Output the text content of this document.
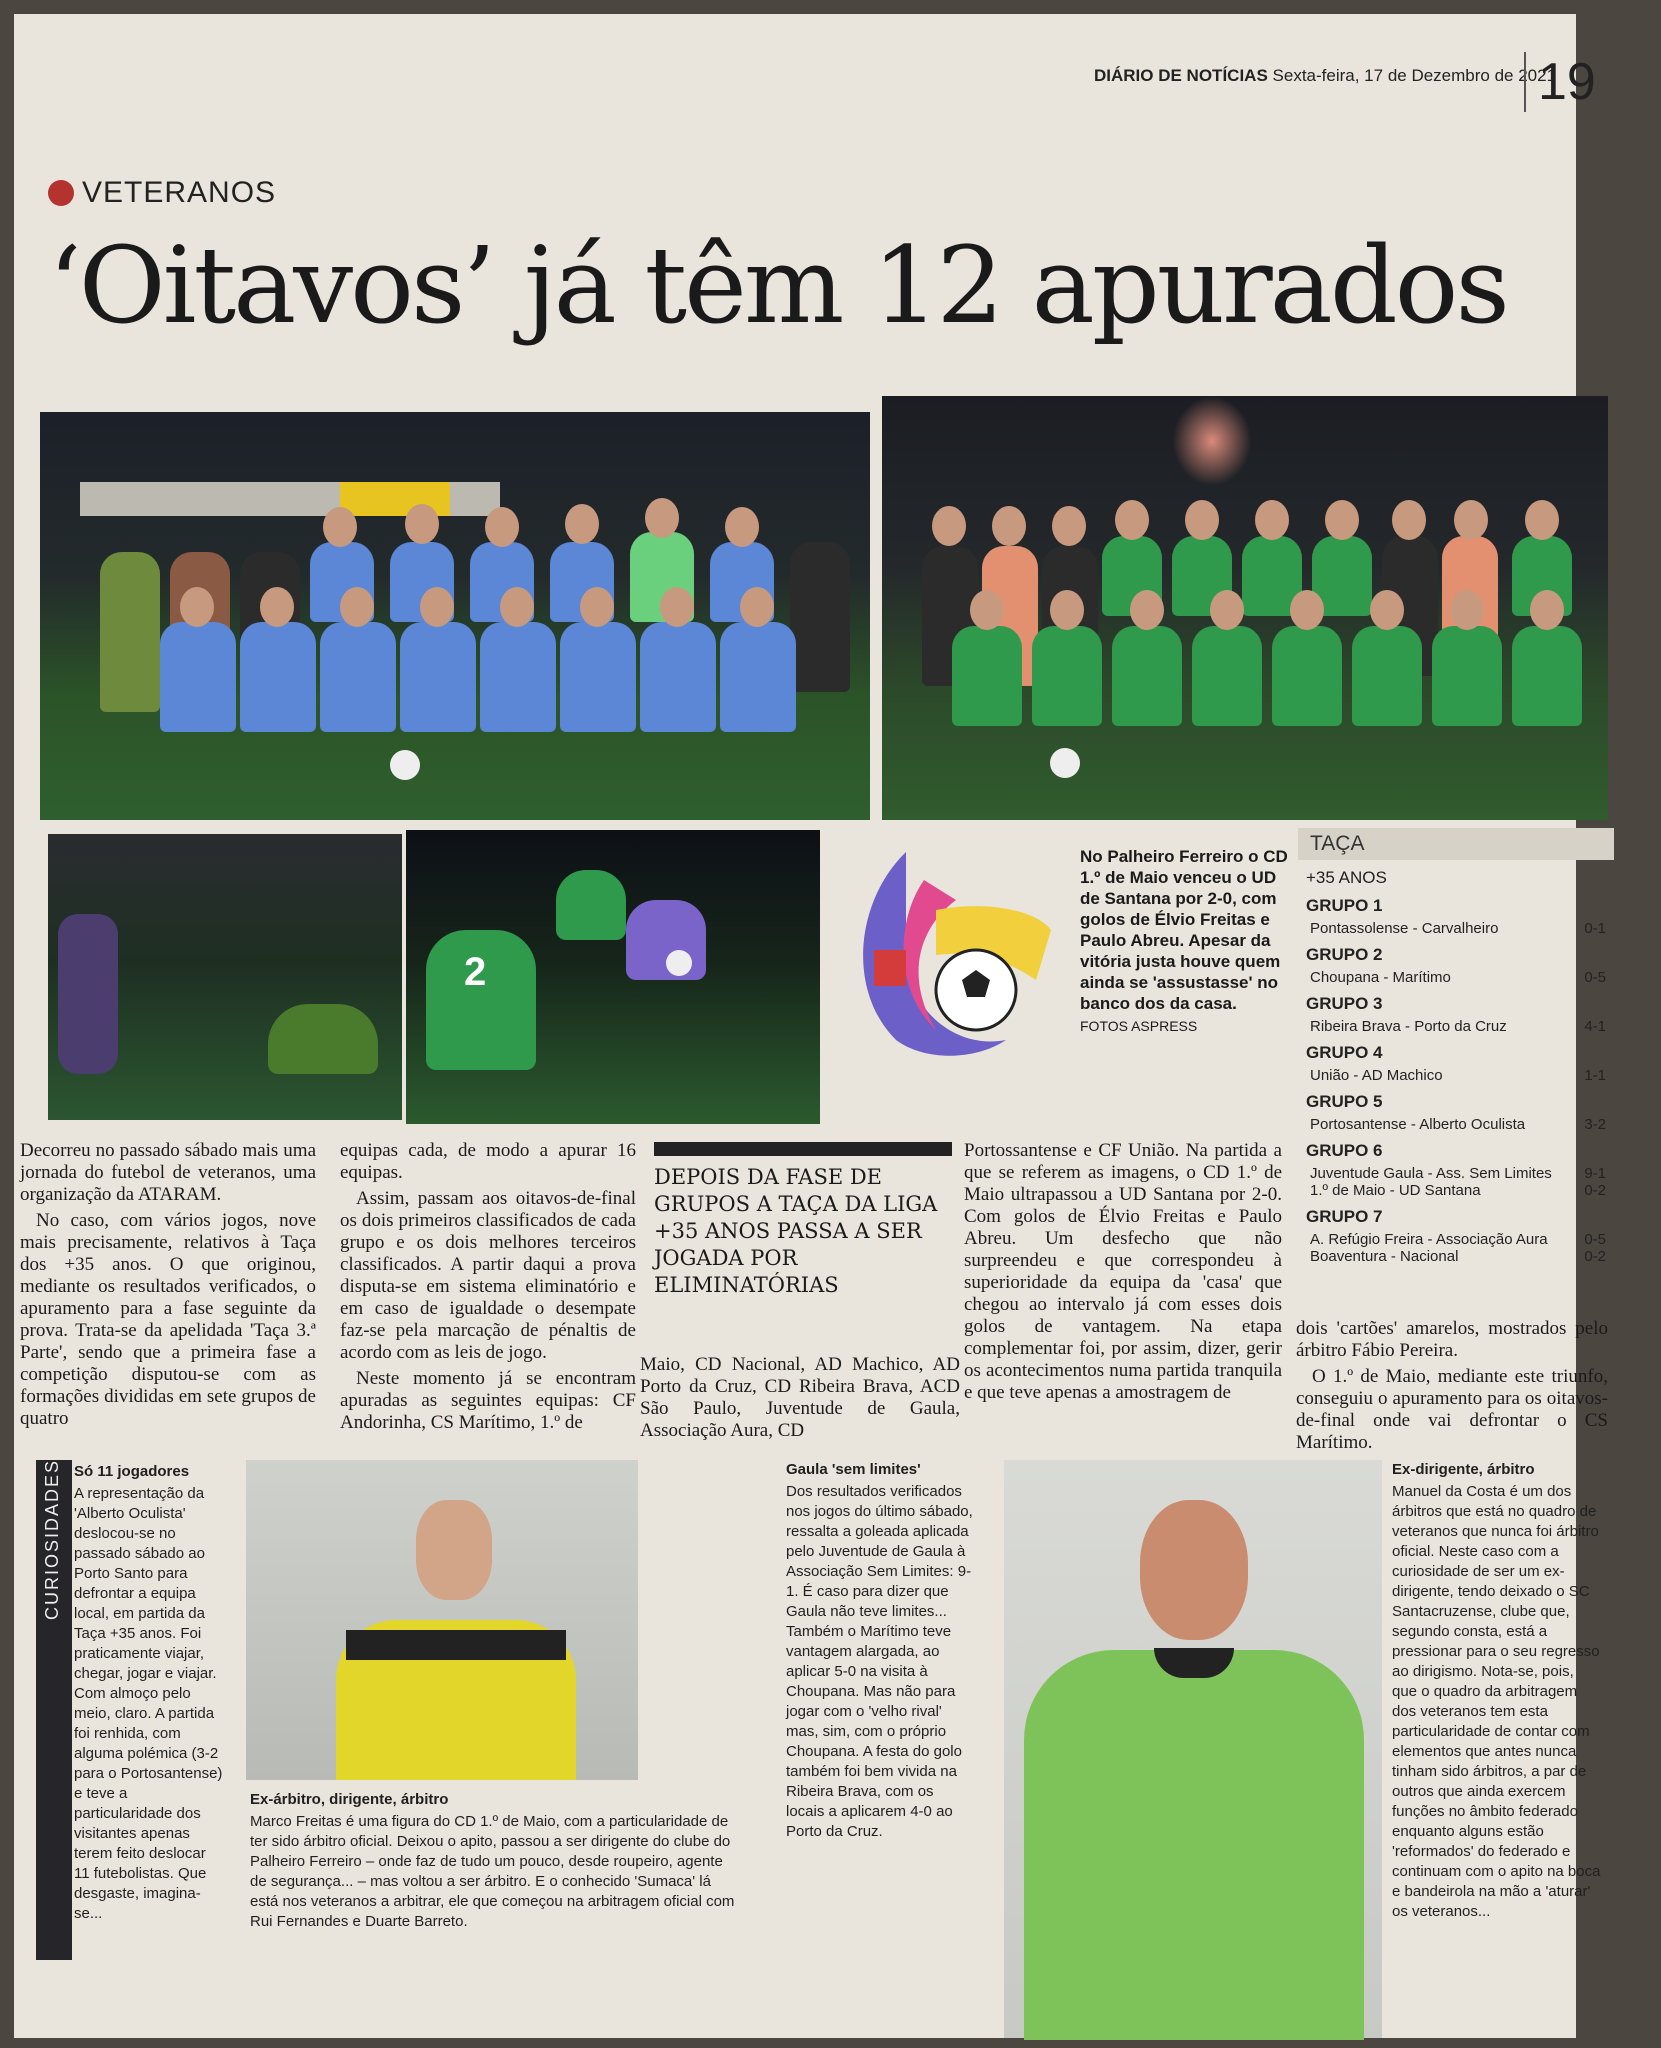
DIÁRIO DE NOTÍCIAS Sexta-feira, 17 de Dezembro de 2021
19
VETERANOS
‘Oitavos’ já têm 12 apurados
2
No Palheiro Ferreiro o CD 1.º de Maio venceu o UD de Santana por 2-0, com golos de Élvio Freitas e Paulo Abreu. Apesar da vitória justa houve quem ainda se 'assustasse' no banco dos da casa.
FOTOS ASPRESS
TAÇA
+35 ANOS
GRUPO 1
Pontassolense - Carvalheiro	0-1
GRUPO 2
Choupana - Marítimo	0-5
GRUPO 3
Ribeira Brava - Porto da Cruz	4-1
GRUPO 4
União - AD Machico	1-1
GRUPO 5
Portosantense - Alberto Oculista	3-2
GRUPO 6
Juventude Gaula - Ass. Sem Limites 9-1
1.º de Maio - UD Santana	0-2
GRUPO 7
A. Refúgio Freira - Associação Aura 0-5
Boaventura - Nacional	0-2

Decorreu no passado sábado mais uma jornada do futebol de veteranos, uma organização da ATARAM.

No caso, com vários jogos, nove mais precisamente, relativos à Taça dos +35 anos. O que originou, mediante os resultados verificados, o apuramento para a fase seguinte da prova. Trata-se da apelidada 'Taça 3.ª Parte', sendo que a primeira fase a competição disputou-se com as formações divididas em sete grupos de quatro

equipas cada, de modo a apurar 16 equipas.

Assim, passam aos oitavos-de-final os dois primeiros classificados de cada grupo e os dois melhores terceiros classificados. A partir daqui a prova disputa-se em sistema eliminatório e em caso de igualdade o desempate faz-se pela marcação de pénaltis de acordo com as leis de jogo.

Neste momento já se encontram apuradas as seguintes equipas: CF Andorinha, CS Marítimo, 1.º de

DEPOIS DA FASE DE GRUPOS A TAÇA DA LIGA +35 ANOS PASSA A SER JOGADA POR ELIMINATÓRIAS

Maio, CD Nacional, AD Machico, AD Porto da Cruz, CD Ribeira Brava, ACD São Paulo, Juventude de Gaula, Associação Aura, CD

Portossantense e CF União. Na partida a que se referem as imagens, o CD 1.º de Maio ultrapassou a UD Santana por 2-0. Com golos de Élvio Freitas e Paulo Abreu. Um desfecho que não surpreendeu e que correspondeu à superioridade da equipa da 'casa' que chegou ao intervalo já com esses dois golos de vantagem. Na etapa complementar foi, por assim, dizer, gerir os acontecimentos numa partida tranquila e que teve apenas a amostragem de

dois 'cartões' amarelos, mostrados pelo árbitro Fábio Pereira.

O 1.º de Maio, mediante este triunfo, conseguiu o apuramento para os oitavos-de-final onde vai defrontar o CS Marítimo.

CURIOSIDADES Só 11 jogadores
A representação da 'Alberto Oculista' deslocou-se no passado sábado ao Porto Santo para defrontar a equipa local, em partida da Taça +35 anos. Foi praticamente viajar, chegar, jogar e viajar. Com almoço pelo meio, claro. A partida foi renhida, com alguma polémica (3-2 para o Portosantense) e teve a particularidade dos visitantes apenas terem feito deslocar 11 futebolistas. Que desgaste, imagina-se...
Ex-árbitro, dirigente, árbitro
Marco Freitas é uma figura do CD 1.º de Maio, com a particularidade de ter sido árbitro oficial. Deixou o apito, passou a ser dirigente do clube do Palheiro Ferreiro – onde faz de tudo um pouco, desde roupeiro, agente de segurança... – mas voltou a ser árbitro. E o conhecido 'Sumaca' lá está nos veteranos a arbitrar, ele que começou na arbitragem oficial com Rui Fernandes e Duarte Barreto.
Gaula 'sem limites'
Dos resultados verificados nos jogos do último sábado, ressalta a goleada aplicada pelo Juventude de Gaula à Associação Sem Limites: 9-1. É caso para dizer que Gaula não teve limites... Também o Marítimo teve vantagem alargada, ao aplicar 5-0 na visita à Choupana. Mas não para jogar com o 'velho rival' mas, sim, com o próprio Choupana. A festa do golo também foi bem vivida na Ribeira Brava, com os locais a aplicarem 4-0 ao Porto da Cruz.
Ex-dirigente, árbitro
Manuel da Costa é um dos árbitros que está no quadro de veteranos que nunca foi árbitro oficial. Neste caso com a curiosidade de ser um ex-dirigente, tendo deixado o SC Santacruzense, clube que, segundo consta, está a pressionar para o seu regresso ao dirigismo. Nota-se, pois, que o quadro da arbitragem dos veteranos tem esta particularidade de contar com elementos que antes nunca tinham sido árbitros, a par de outros que ainda exercem funções no âmbito federado enquanto alguns estão 'reformados' do federado e continuam com o apito na boca e bandeirola na mão a 'aturar' os veteranos...
